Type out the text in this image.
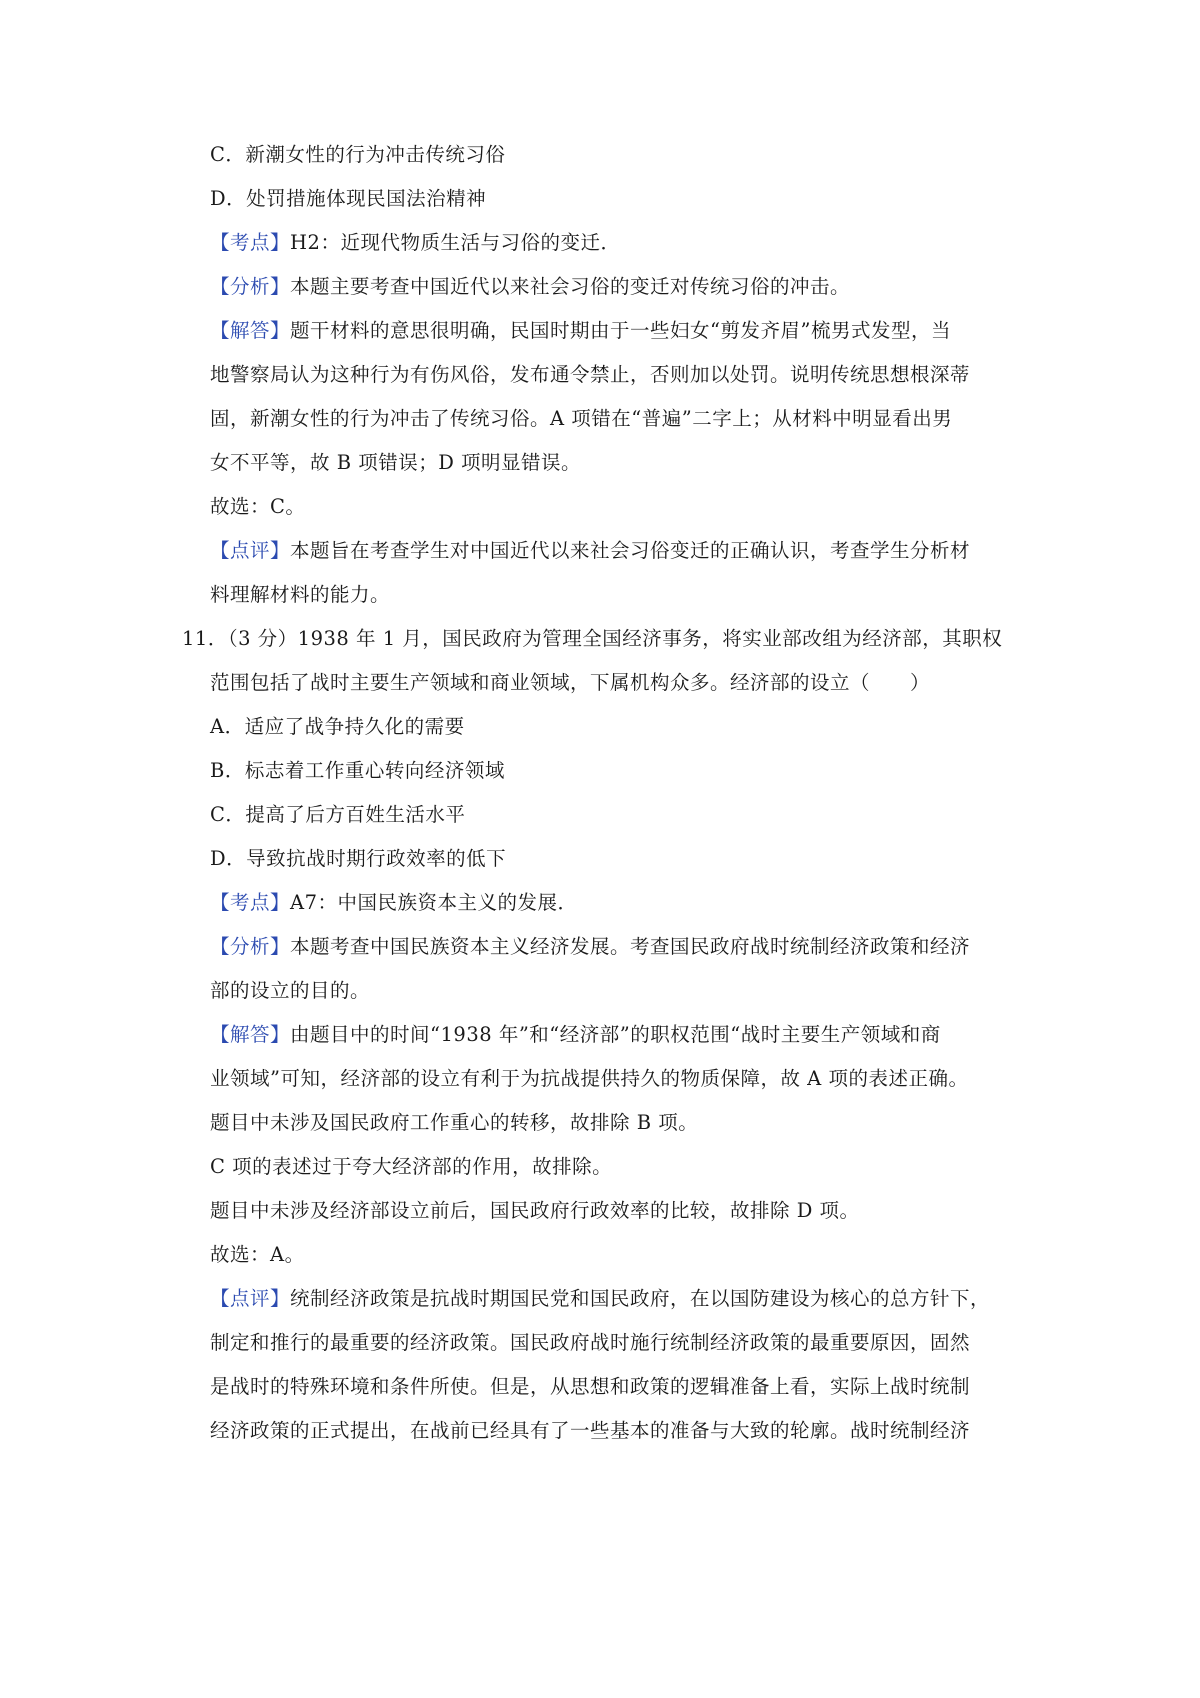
C．新潮女性的行为冲击传统习俗
D．处罚措施体现民国法治精神
【考点】H2：近现代物质生活与习俗的变迁．
【分析】本题主要考查中国近代以来社会习俗的变迁对传统习俗的冲击。
【解答】题干材料的意思很明确，民国时期由于一些妇女“剪发齐眉”梳男式发型，当
地警察局认为这种行为有伤风俗，发布通令禁止，否则加以处罚。说明传统思想根深蒂
固，新潮女性的行为冲击了传统习俗。A 项错在“普遍”二字上；从材料中明显看出男
女不平等，故 B 项错误；D 项明显错误。
故选：C。
【点评】本题旨在考查学生对中国近代以来社会习俗变迁的正确认识，考查学生分析材
料理解材料的能力。
11．（3 分）1938 年 1 月，国民政府为管理全国经济事务，将实业部改组为经济部，其职权
范围包括了战时主要生产领域和商业领域，下属机构众多。经济部的设立（　　）
A．适应了战争持久化的需要
B．标志着工作重心转向经济领域
C．提高了后方百姓生活水平
D．导致抗战时期行政效率的低下
【考点】A7：中国民族资本主义的发展．
【分析】本题考查中国民族资本主义经济发展。考查国民政府战时统制经济政策和经济
部的设立的目的。
【解答】由题目中的时间“1938 年”和“经济部”的职权范围“战时主要生产领域和商
业领域”可知，经济部的设立有利于为抗战提供持久的物质保障，故 A 项的表述正确。
题目中未涉及国民政府工作重心的转移，故排除 B 项。
C 项的表述过于夸大经济部的作用，故排除。
题目中未涉及经济部设立前后，国民政府行政效率的比较，故排除 D 项。
故选：A。
【点评】统制经济政策是抗战时期国民党和国民政府，在以国防建设为核心的总方针下，
制定和推行的最重要的经济政策。国民政府战时施行统制经济政策的最重要原因，固然
是战时的特殊环境和条件所使。但是，从思想和政策的逻辑准备上看，实际上战时统制
经济政策的正式提出，在战前已经具有了一些基本的准备与大致的轮廓。战时统制经济
